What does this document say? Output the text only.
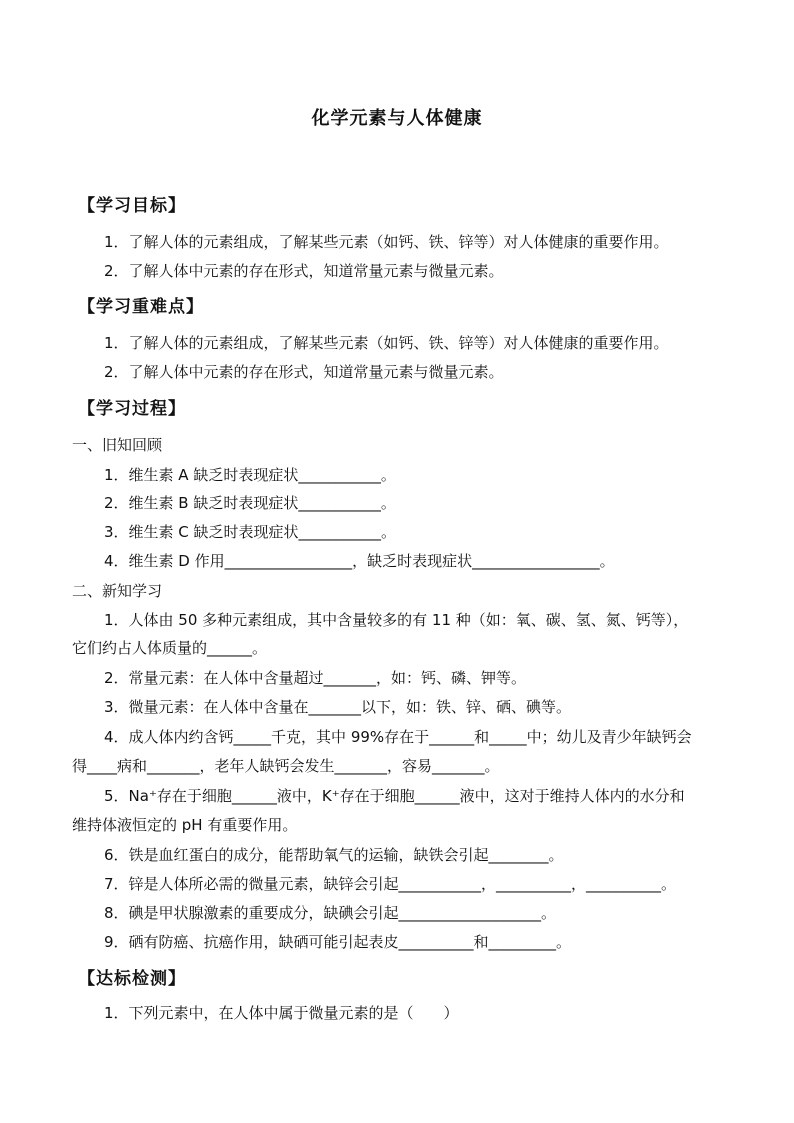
化学元素与人体健康
【学习目标】
1．了解人体的元素组成，了解某些元素（如钙、铁、锌等）对人体健康的重要作用。
2．了解人体中元素的存在形式，知道常量元素与微量元素。
【学习重难点】
1．了解人体的元素组成，了解某些元素（如钙、铁、锌等）对人体健康的重要作用。
2．了解人体中元素的存在形式，知道常量元素与微量元素。
【学习过程】
一、旧知回顾
1．维生素 A 缺乏时表现症状___________。
2．维生素 B 缺乏时表现症状___________。
3．维生素 C 缺乏时表现症状___________。
4．维生素 D 作用_________________，缺乏时表现症状_________________。
二、新知学习
1．人体由 50 多种元素组成，其中含量较多的有 11 种（如：氧、碳、氢、氮、钙等），
它们约占人体质量的______。
2．常量元素：在人体中含量超过_______，如：钙、磷、钾等。
3．微量元素：在人体中含量在_______以下，如：铁、锌、硒、碘等。
4．成人体内约含钙_____千克，其中 99%存在于______和_____中；幼儿及青少年缺钙会
得____病和_______，老年人缺钙会发生_______，容易_______。
5．Na⁺存在于细胞______液中，K⁺存在于细胞______液中，这对于维持人体内的水分和
维持体液恒定的 pH 有重要作用。
6．铁是血红蛋白的成分，能帮助氧气的运输，缺铁会引起________。
7．锌是人体所必需的微量元素，缺锌会引起___________，__________，__________。
8．碘是甲状腺激素的重要成分，缺碘会引起___________________。
9．硒有防癌、抗癌作用，缺硒可能引起表皮__________和_________。
【达标检测】
1．下列元素中，在人体中属于微量元素的是（　　）
